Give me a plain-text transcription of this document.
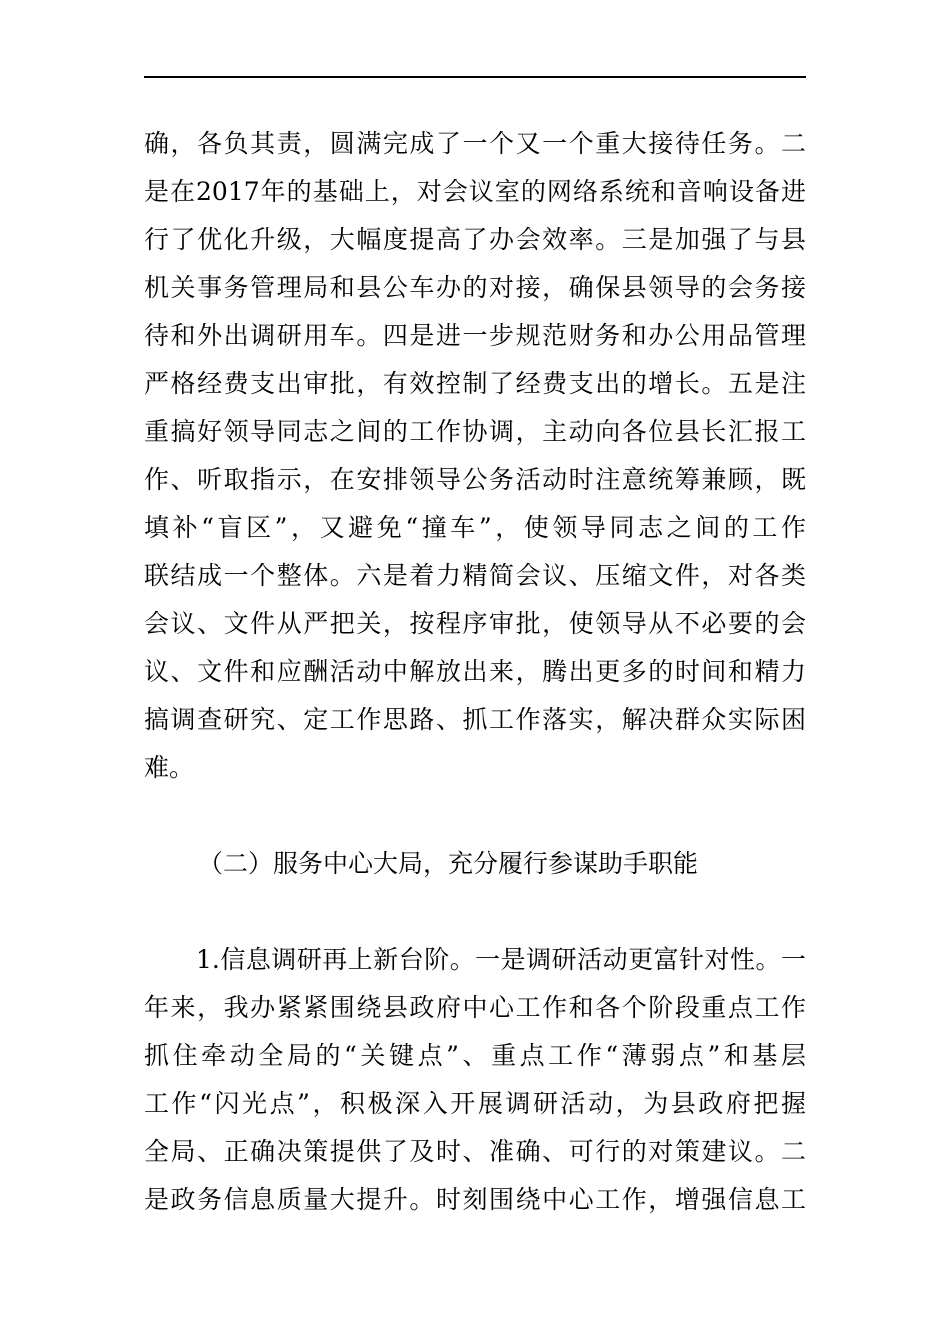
确，各负其责，圆满完成了一个又一个重大接待任务。二
是在2017年的基础上，对会议室的网络系统和音响设备进
行了优化升级，大幅度提高了办会效率。三是加强了与县
机关事务管理局和县公车办的对接，确保县领导的会务接
待和外出调研用车。四是进一步规范财务和办公用品管理
严格经费支出审批，有效控制了经费支出的增长。五是注
重搞好领导同志之间的工作协调，主动向各位县长汇报工
作、听取指示，在安排领导公务活动时注意统筹兼顾，既
填补“盲区”，又避免“撞车”，使领导同志之间的工作
联结成一个整体。六是着力精简会议、压缩文件，对各类
会议、文件从严把关，按程序审批，使领导从不必要的会
议、文件和应酬活动中解放出来，腾出更多的时间和精力
搞调查研究、定工作思路、抓工作落实，解决群众实际困
难。
（二）服务中心大局，充分履行参谋助手职能
1.信息调研再上新台阶。一是调研活动更富针对性。一
年来，我办紧紧围绕县政府中心工作和各个阶段重点工作
抓住牵动全局的“关键点”、重点工作“薄弱点”和基层
工作“闪光点”，积极深入开展调研活动，为县政府把握
全局、正确决策提供了及时、准确、可行的对策建议。二
是政务信息质量大提升。时刻围绕中心工作，增强信息工
